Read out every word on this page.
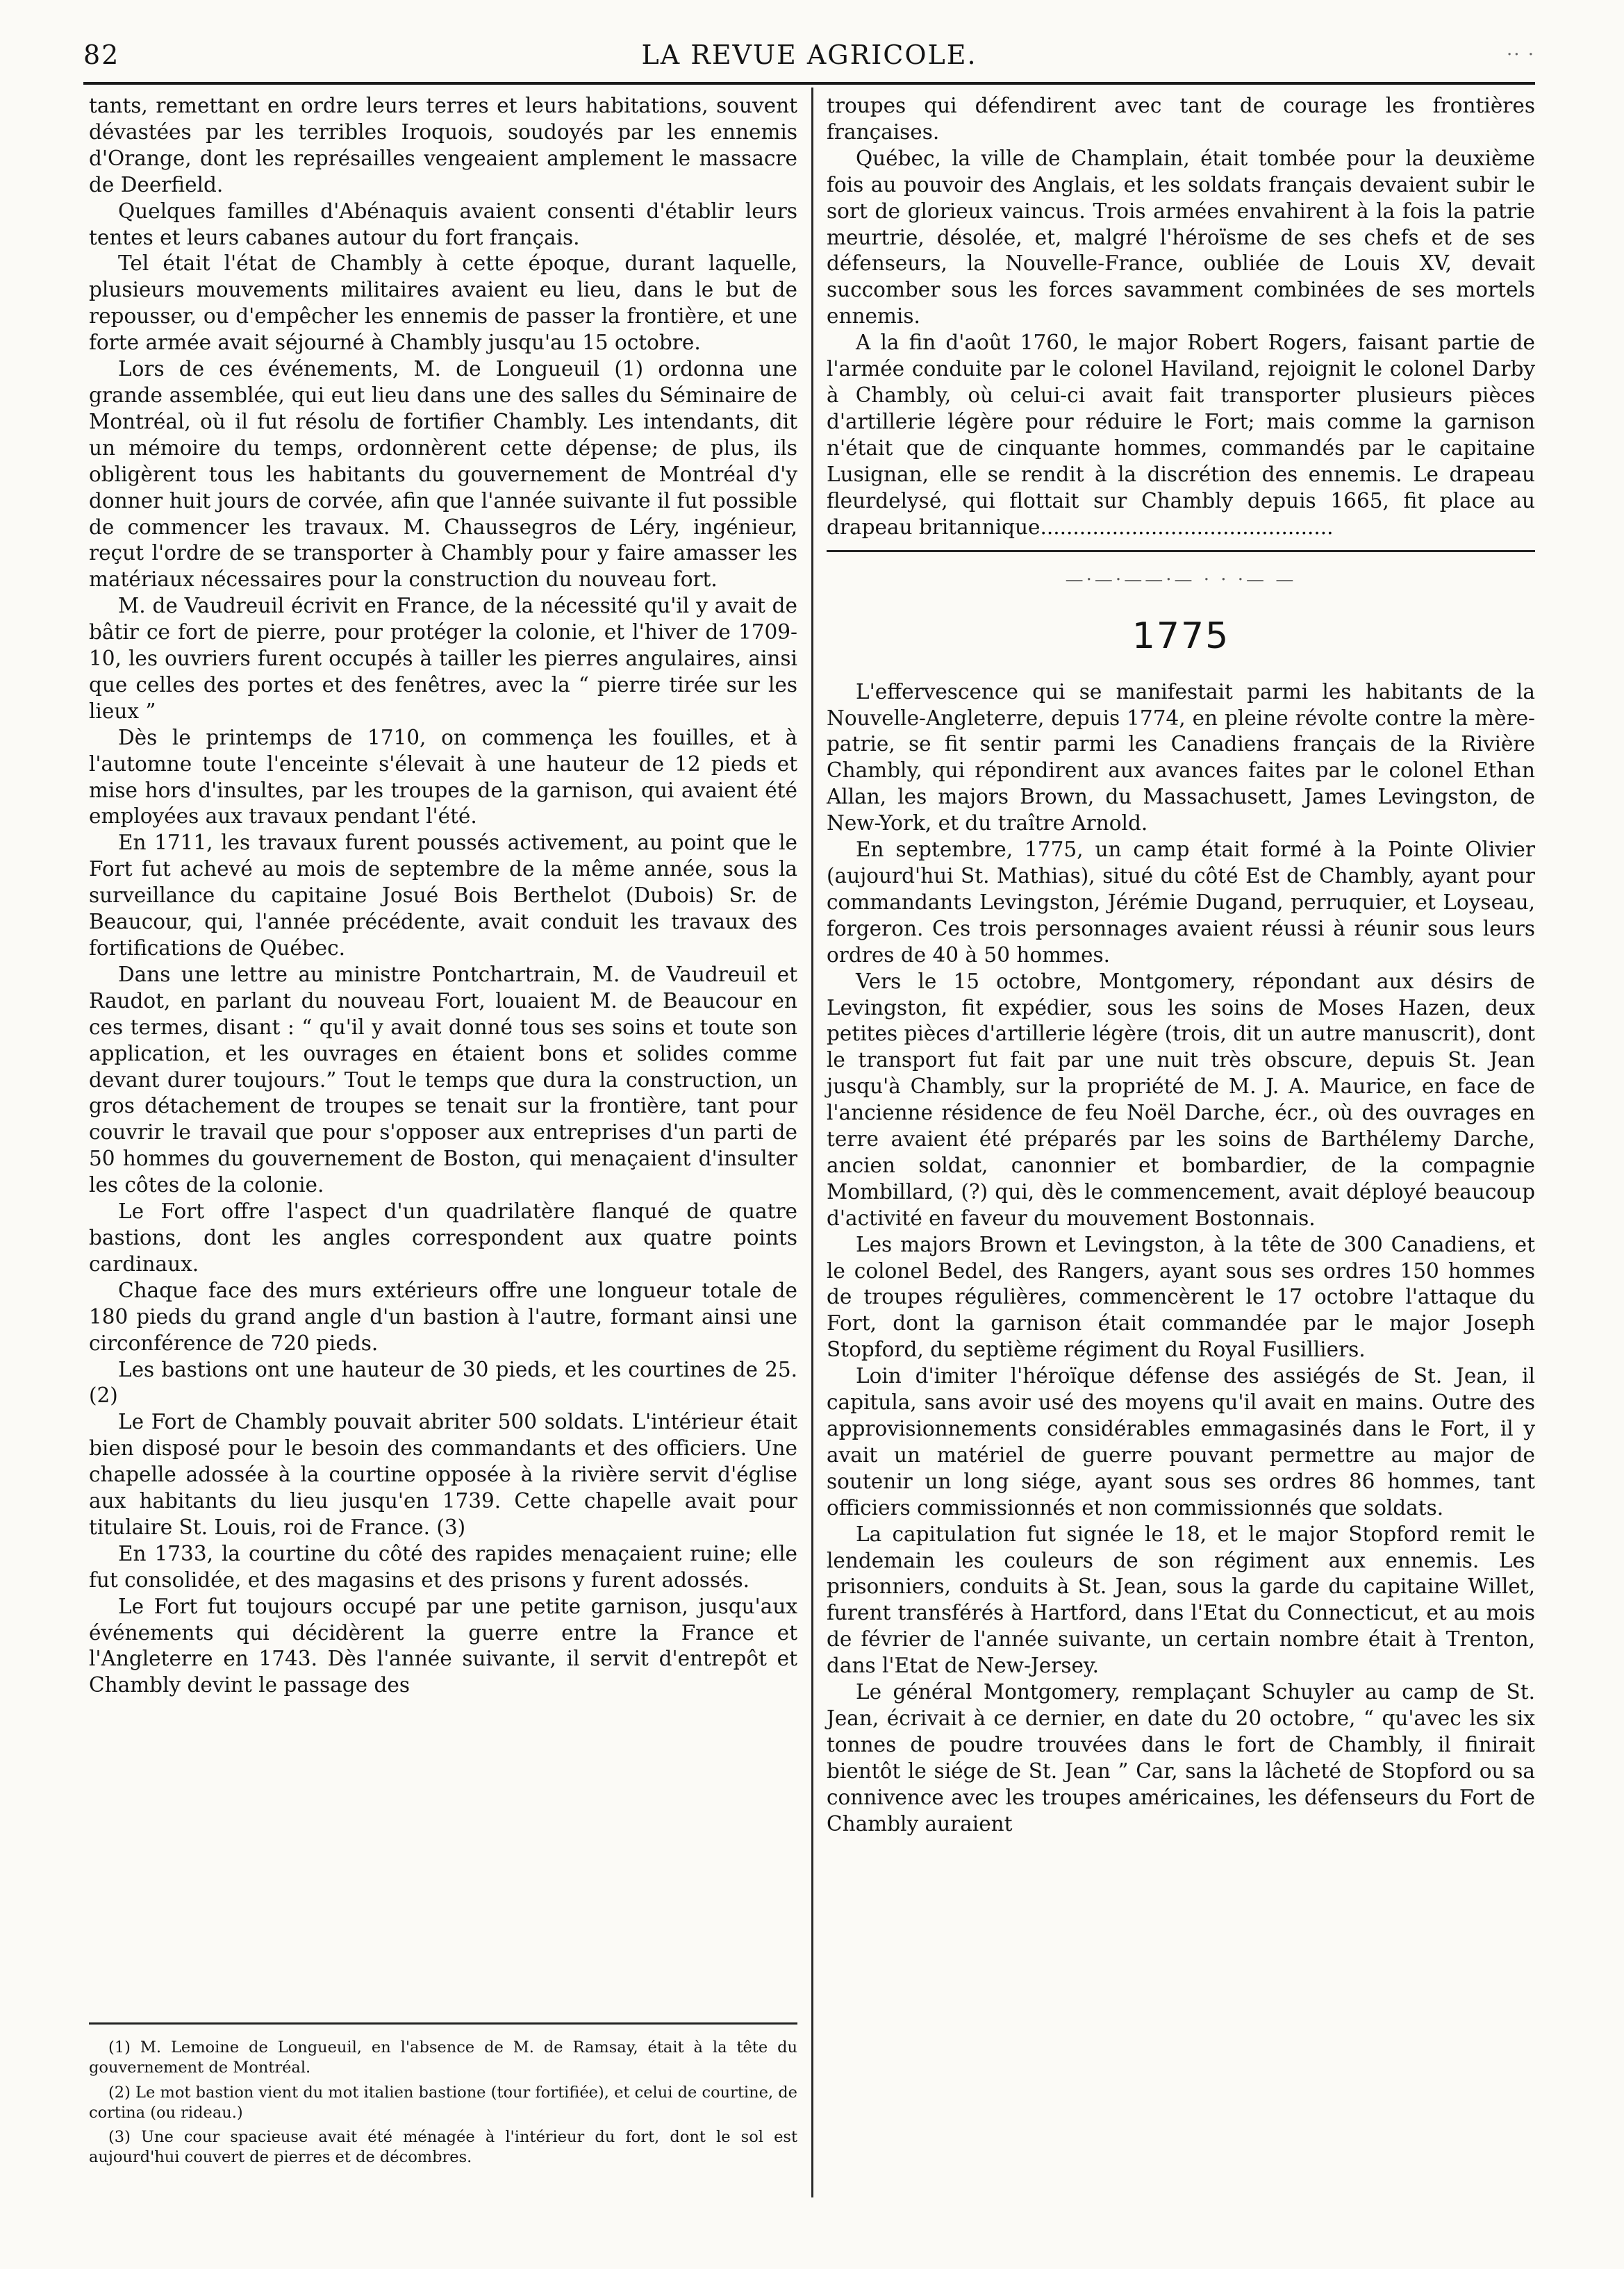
82	LA REVUE AGRICOLE.	·· ·

tants, remettant en ordre leurs terres et leurs habitations, souvent dévastées par les terribles Iroquois, soudoyés par les ennemis d'Orange, dont les représailles vengeaient amplement le massacre de Deerfield.

Quelques familles d'Abénaquis avaient consenti d'établir leurs tentes et leurs cabanes autour du fort français.

Tel était l'état de Chambly à cette époque, durant laquelle, plusieurs mouvements militaires avaient eu lieu, dans le but de repousser, ou d'empêcher les ennemis de passer la frontière, et une forte armée avait séjourné à Chambly jusqu'au 15 octobre.

Lors de ces événements, M. de Longueuil (1) ordonna une grande assemblée, qui eut lieu dans une des salles du Séminaire de Montréal, où il fut résolu de fortifier Chambly. Les intendants, dit un mémoire du temps, ordonnèrent cette dépense; de plus, ils obligèrent tous les habitants du gouvernement de Montréal d'y donner huit jours de corvée, afin que l'année suivante il fut possible de commencer les travaux. M. Chaussegros de Léry, ingénieur, reçut l'ordre de se transporter à Chambly pour y faire amasser les matériaux nécessaires pour la construction du nouveau fort.

M. de Vaudreuil écrivit en France, de la nécessité qu'il y avait de bâtir ce fort de pierre, pour protéger la colonie, et l'hiver de 1709-10, les ouvriers furent occupés à tailler les pierres angulaires, ainsi que celles des portes et des fenêtres, avec la “ pierre tirée sur les lieux ”

Dès le printemps de 1710, on commença les fouilles, et à l'automne toute l'enceinte s'élevait à une hauteur de 12 pieds et mise hors d'insultes, par les troupes de la garnison, qui avaient été employées aux travaux pendant l'été.

En 1711, les travaux furent poussés activement, au point que le Fort fut achevé au mois de septembre de la même année, sous la surveillance du capitaine Josué Bois Berthelot (Dubois) Sr. de Beaucour, qui, l'année précédente, avait conduit les travaux des fortifications de Québec.

Dans une lettre au ministre Pontchartrain, M. de Vaudreuil et Raudot, en parlant du nouveau Fort, louaient M. de Beaucour en ces termes, disant : “ qu'il y avait donné tous ses soins et toute son application, et les ouvrages en étaient bons et solides comme devant durer toujours.” Tout le temps que dura la construction, un gros détachement de troupes se tenait sur la frontière, tant pour couvrir le travail que pour s'opposer aux entreprises d'un parti de 50 hommes du gouvernement de Boston, qui menaçaient d'insulter les côtes de la colonie.

Le Fort offre l'aspect d'un quadrilatère flanqué de quatre bastions, dont les angles correspondent aux quatre points cardinaux.

Chaque face des murs extérieurs offre une longueur totale de 180 pieds du grand angle d'un bastion à l'autre, formant ainsi une circonférence de 720 pieds.

Les bastions ont une hauteur de 30 pieds, et les courtines de 25. (2)

Le Fort de Chambly pouvait abriter 500 soldats. L'intérieur était bien disposé pour le besoin des commandants et des officiers. Une chapelle adossée à la courtine opposée à la rivière servit d'église aux habitants du lieu jusqu'en 1739. Cette chapelle avait pour titulaire St. Louis, roi de France. (3)

En 1733, la courtine du côté des rapides menaçaient ruine; elle fut consolidée, et des magasins et des prisons y furent adossés.

Le Fort fut toujours occupé par une petite garnison, jusqu'aux événements qui décidèrent la guerre entre la France et l'Angleterre en 1743. Dès l'année suivante, il servit d'entrepôt et Chambly devint le passage des

(1) M. Lemoine de Longueuil, en l'absence de M. de Ramsay, était à la tête du gouvernement de Montréal.

(2) Le mot bastion vient du mot italien bastione (tour fortifiée), et celui de courtine, de cortina (ou rideau.)

(3) Une cour spacieuse avait été ménagée à l'intérieur du fort, dont le sol est aujourd'hui couvert de pierres et de décombres.

troupes qui défendirent avec tant de courage les frontières françaises.

Québec, la ville de Champlain, était tombée pour la deuxième fois au pouvoir des Anglais, et les soldats français devaient subir le sort de glorieux vaincus. Trois armées envahirent à la fois la patrie meurtrie, désolée, et, malgré l'héroïsme de ses chefs et de ses défenseurs, la Nouvelle-France, oubliée de Louis XV, devait succomber sous les forces savamment combinées de ses mortels ennemis.

A la fin d'août 1760, le major Robert Rogers, faisant partie de l'armée conduite par le colonel Haviland, rejoignit le colonel Darby à Chambly, où celui-ci avait fait transporter plusieurs pièces d'artillerie légère pour réduire le Fort; mais comme la garnison n'était que de cinquante hommes, commandés par le capitaine Lusignan, elle se rendit à la discrétion des ennemis. Le drapeau fleurdelysé, qui flottait sur Chambly depuis 1665, fit place au drapeau britannique.............................................

—·—·——·— · · ·— —
1775

L'effervescence qui se manifestait parmi les habitants de la Nouvelle-Angleterre, depuis 1774, en pleine révolte contre la mère-patrie, se fit sentir parmi les Canadiens français de la Rivière Chambly, qui répondirent aux avances faites par le colonel Ethan Allan, les majors Brown, du Massachusett, James Levingston, de New-York, et du traître Arnold.

En septembre, 1775, un camp était formé à la Pointe Olivier (aujourd'hui St. Mathias), situé du côté Est de Chambly, ayant pour commandants Levingston, Jérémie Dugand, perruquier, et Loyseau, forgeron. Ces trois personnages avaient réussi à réunir sous leurs ordres de 40 à 50 hommes.

Vers le 15 octobre, Montgomery, répondant aux désirs de Levingston, fit expédier, sous les soins de Moses Hazen, deux petites pièces d'artillerie légère (trois, dit un autre manuscrit), dont le transport fut fait par une nuit très obscure, depuis St. Jean jusqu'à Chambly, sur la propriété de M. J. A. Maurice, en face de l'ancienne résidence de feu Noël Darche, écr., où des ouvrages en terre avaient été préparés par les soins de Barthélemy Darche, ancien soldat, canonnier et bombardier, de la compagnie Mombillard, (?) qui, dès le commencement, avait déployé beaucoup d'activité en faveur du mouvement Bostonnais.

Les majors Brown et Levingston, à la tête de 300 Canadiens, et le colonel Bedel, des Rangers, ayant sous ses ordres 150 hommes de troupes régulières, commencèrent le 17 octobre l'attaque du Fort, dont la garnison était commandée par le major Joseph Stopford, du septième régiment du Royal Fusilliers.

Loin d'imiter l'héroïque défense des assiégés de St. Jean, il capitula, sans avoir usé des moyens qu'il avait en mains. Outre des approvisionnements considérables emmagasinés dans le Fort, il y avait un matériel de guerre pouvant permettre au major de soutenir un long siége, ayant sous ses ordres 86 hommes, tant officiers commissionnés et non commissionnés que soldats.

La capitulation fut signée le 18, et le major Stopford remit le lendemain les couleurs de son régiment aux ennemis. Les prisonniers, conduits à St. Jean, sous la garde du capitaine Willet, furent transférés à Hartford, dans l'Etat du Connecticut, et au mois de février de l'année suivante, un certain nombre était à Trenton, dans l'Etat de New-Jersey.

Le général Montgomery, remplaçant Schuyler au camp de St. Jean, écrivait à ce dernier, en date du 20 octobre, “ qu'avec les six tonnes de poudre trouvées dans le fort de Chambly, il finirait bientôt le siége de St. Jean ” Car, sans la lâcheté de Stopford ou sa connivence avec les troupes américaines, les défenseurs du Fort de Chambly auraient
